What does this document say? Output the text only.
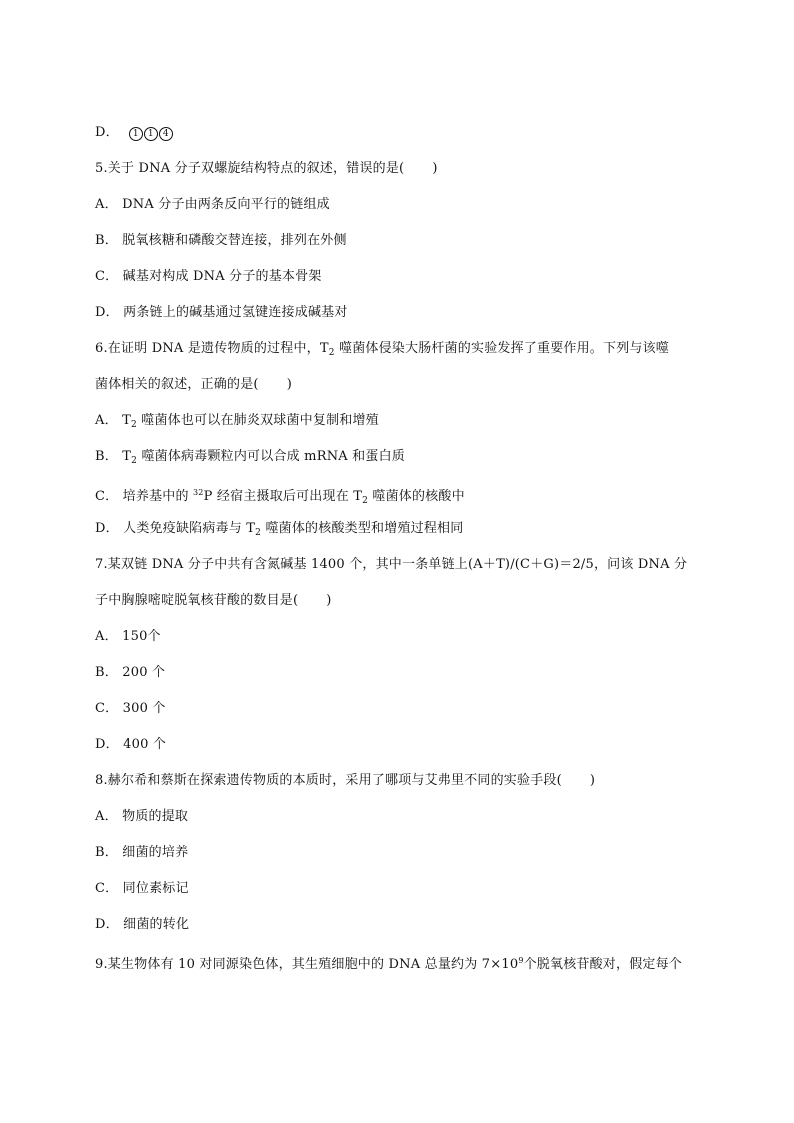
D． 1 1 4
5.关于 DNA 分子双螺旋结构特点的叙述，错误的是( )
A． DNA 分子由两条反向平行的链组成
B． 脱氧核糖和磷酸交替连接，排列在外侧
C． 碱基对构成 DNA 分子的基本骨架
D． 两条链上的碱基通过氢键连接成碱基对
6.在证明 DNA 是遗传物质的过程中，$T_2$ 噬菌体侵染大肠杆菌的实验发挥了重要作用。下列与该噬
菌体相关的叙述，正确的是( )
A． $T_2$ 噬菌体也可以在肺炎双球菌中复制和增殖
B． $T_2$ 噬菌体病毒颗粒内可以合成 mRNA 和蛋白质
C． 培养基中的 $^{32}$P 经宿主摄取后可出现在 $T_2$ 噬菌体的核酸中
D． 人类免疫缺陷病毒与 $T_2$ 噬菌体的核酸类型和增殖过程相同
7.某双链 DNA 分子中共有含氮碱基 1400 个，其中一条单链上(A＋T)/(C＋G)＝2/5，问该 DNA 分
子中胸腺嘧啶脱氧核苷酸的数目是( )
A． 150个
B． 200 个
C． 300 个
D． 400 个
8.赫尔希和蔡斯在探索遗传物质的本质时，采用了哪项与艾弗里不同的实验手段( )
A． 物质的提取
B． 细菌的培养
C． 同位素标记
D． 细菌的转化
9.某生物体有 10 对同源染色体，其生殖细胞中的 DNA 总量约为 $7\times 10^9$个脱氧核苷酸对，假定每个
